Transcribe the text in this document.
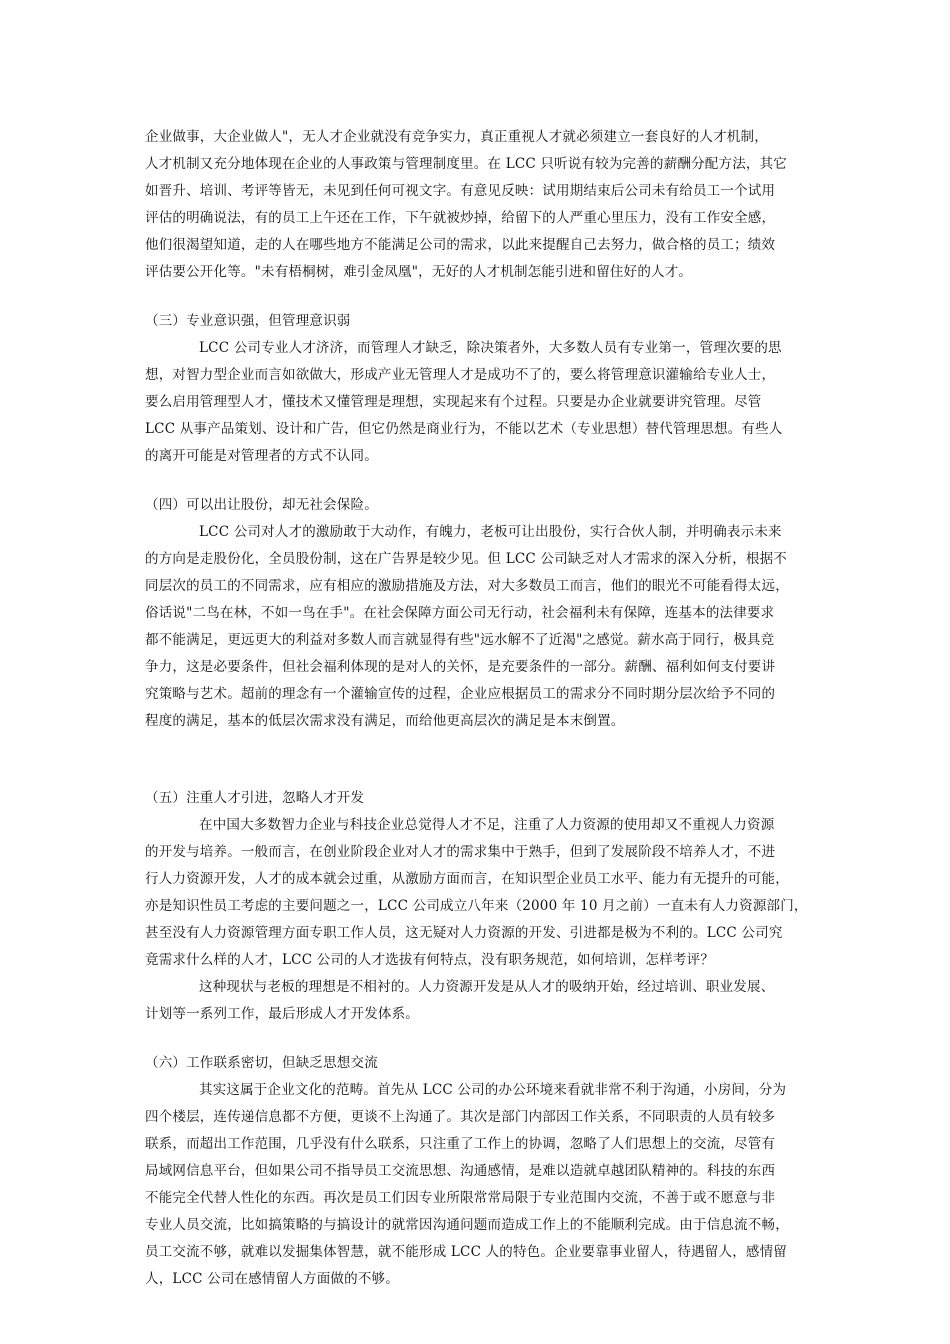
企业做事，大企业做人"，无人才企业就没有竞争实力，真正重视人才就必须建立一套良好的人才机制，
人才机制又充分地体现在企业的人事政策与管理制度里。在 LCC 只听说有较为完善的薪酬分配方法，其它
如晋升、培训、考评等皆无，未见到任何可视文字。有意见反映：试用期结束后公司未有给员工一个试用
评估的明确说法，有的员工上午还在工作，下午就被炒掉，给留下的人严重心里压力，没有工作安全感，
他们很渴望知道，走的人在哪些地方不能满足公司的需求，以此来提醒自己去努力，做合格的员工；绩效
评估要公开化等。"未有梧桐树，难引金凤凰"，无好的人才机制怎能引进和留住好的人才。
（三）专业意识强，但管理意识弱
LCC 公司专业人才济济，而管理人才缺乏，除决策者外，大多数人员有专业第一，管理次要的思
想，对智力型企业而言如欲做大，形成产业无管理人才是成功不了的，要么将管理意识灌输给专业人士，
要么启用管理型人才，懂技术又懂管理是理想，实现起来有个过程。只要是办企业就要讲究管理。尽管
LCC 从事产品策划、设计和广告，但它仍然是商业行为，不能以艺术（专业思想）替代管理思想。有些人
的离开可能是对管理者的方式不认同。
（四）可以出让股份，却无社会保险。
LCC 公司对人才的激励敢于大动作，有魄力，老板可让出股份，实行合伙人制，并明确表示未来
的方向是走股份化，全员股份制，这在广告界是较少见。但 LCC 公司缺乏对人才需求的深入分析，根据不
同层次的员工的不同需求，应有相应的激励措施及方法，对大多数员工而言，他们的眼光不可能看得太远，
俗话说"二鸟在林，不如一鸟在手"。在社会保障方面公司无行动，社会福利未有保障，连基本的法律要求
都不能满足，更远更大的利益对多数人而言就显得有些"远水解不了近渴"之感觉。薪水高于同行，极具竞
争力，这是必要条件，但社会福利体现的是对人的关怀，是充要条件的一部分。薪酬、福利如何支付要讲
究策略与艺术。超前的理念有一个灌输宣传的过程，企业应根据员工的需求分不同时期分层次给予不同的
程度的满足，基本的低层次需求没有满足，而给他更高层次的满足是本末倒置。
（五）注重人才引进，忽略人才开发
在中国大多数智力企业与科技企业总觉得人才不足，注重了人力资源的使用却又不重视人力资源
的开发与培养。一般而言，在创业阶段企业对人才的需求集中于熟手，但到了发展阶段不培养人才，不进
行人力资源开发，人才的成本就会过重，从激励方面而言，在知识型企业员工水平、能力有无提升的可能，
亦是知识性员工考虑的主要问题之一，LCC 公司成立八年来（2000 年 10 月之前）一直未有人力资源部门，
甚至没有人力资源管理方面专职工作人员，这无疑对人力资源的开发、引进都是极为不利的。LCC 公司究
竟需求什么样的人才，LCC 公司的人才选拔有何特点，没有职务规范，如何培训，怎样考评？
这种现状与老板的理想是不相衬的。人力资源开发是从人才的吸纳开始，经过培训、职业发展、
计划等一系列工作，最后形成人才开发体系。
（六）工作联系密切，但缺乏思想交流
其实这属于企业文化的范畴。首先从 LCC 公司的办公环境来看就非常不利于沟通，小房间，分为
四个楼层，连传递信息都不方便，更谈不上沟通了。其次是部门内部因工作关系，不同职责的人员有较多
联系，而超出工作范围，几乎没有什么联系，只注重了工作上的协调，忽略了人们思想上的交流，尽管有
局域网信息平台，但如果公司不指导员工交流思想、沟通感情，是难以造就卓越团队精神的。科技的东西
不能完全代替人性化的东西。再次是员工们因专业所限常常局限于专业范围内交流，不善于或不愿意与非
专业人员交流，比如搞策略的与搞设计的就常因沟通问题而造成工作上的不能顺利完成。由于信息流不畅，
员工交流不够，就难以发掘集体智慧，就不能形成 LCC 人的特色。企业要靠事业留人，待遇留人，感情留
人，LCC 公司在感情留人方面做的不够。
